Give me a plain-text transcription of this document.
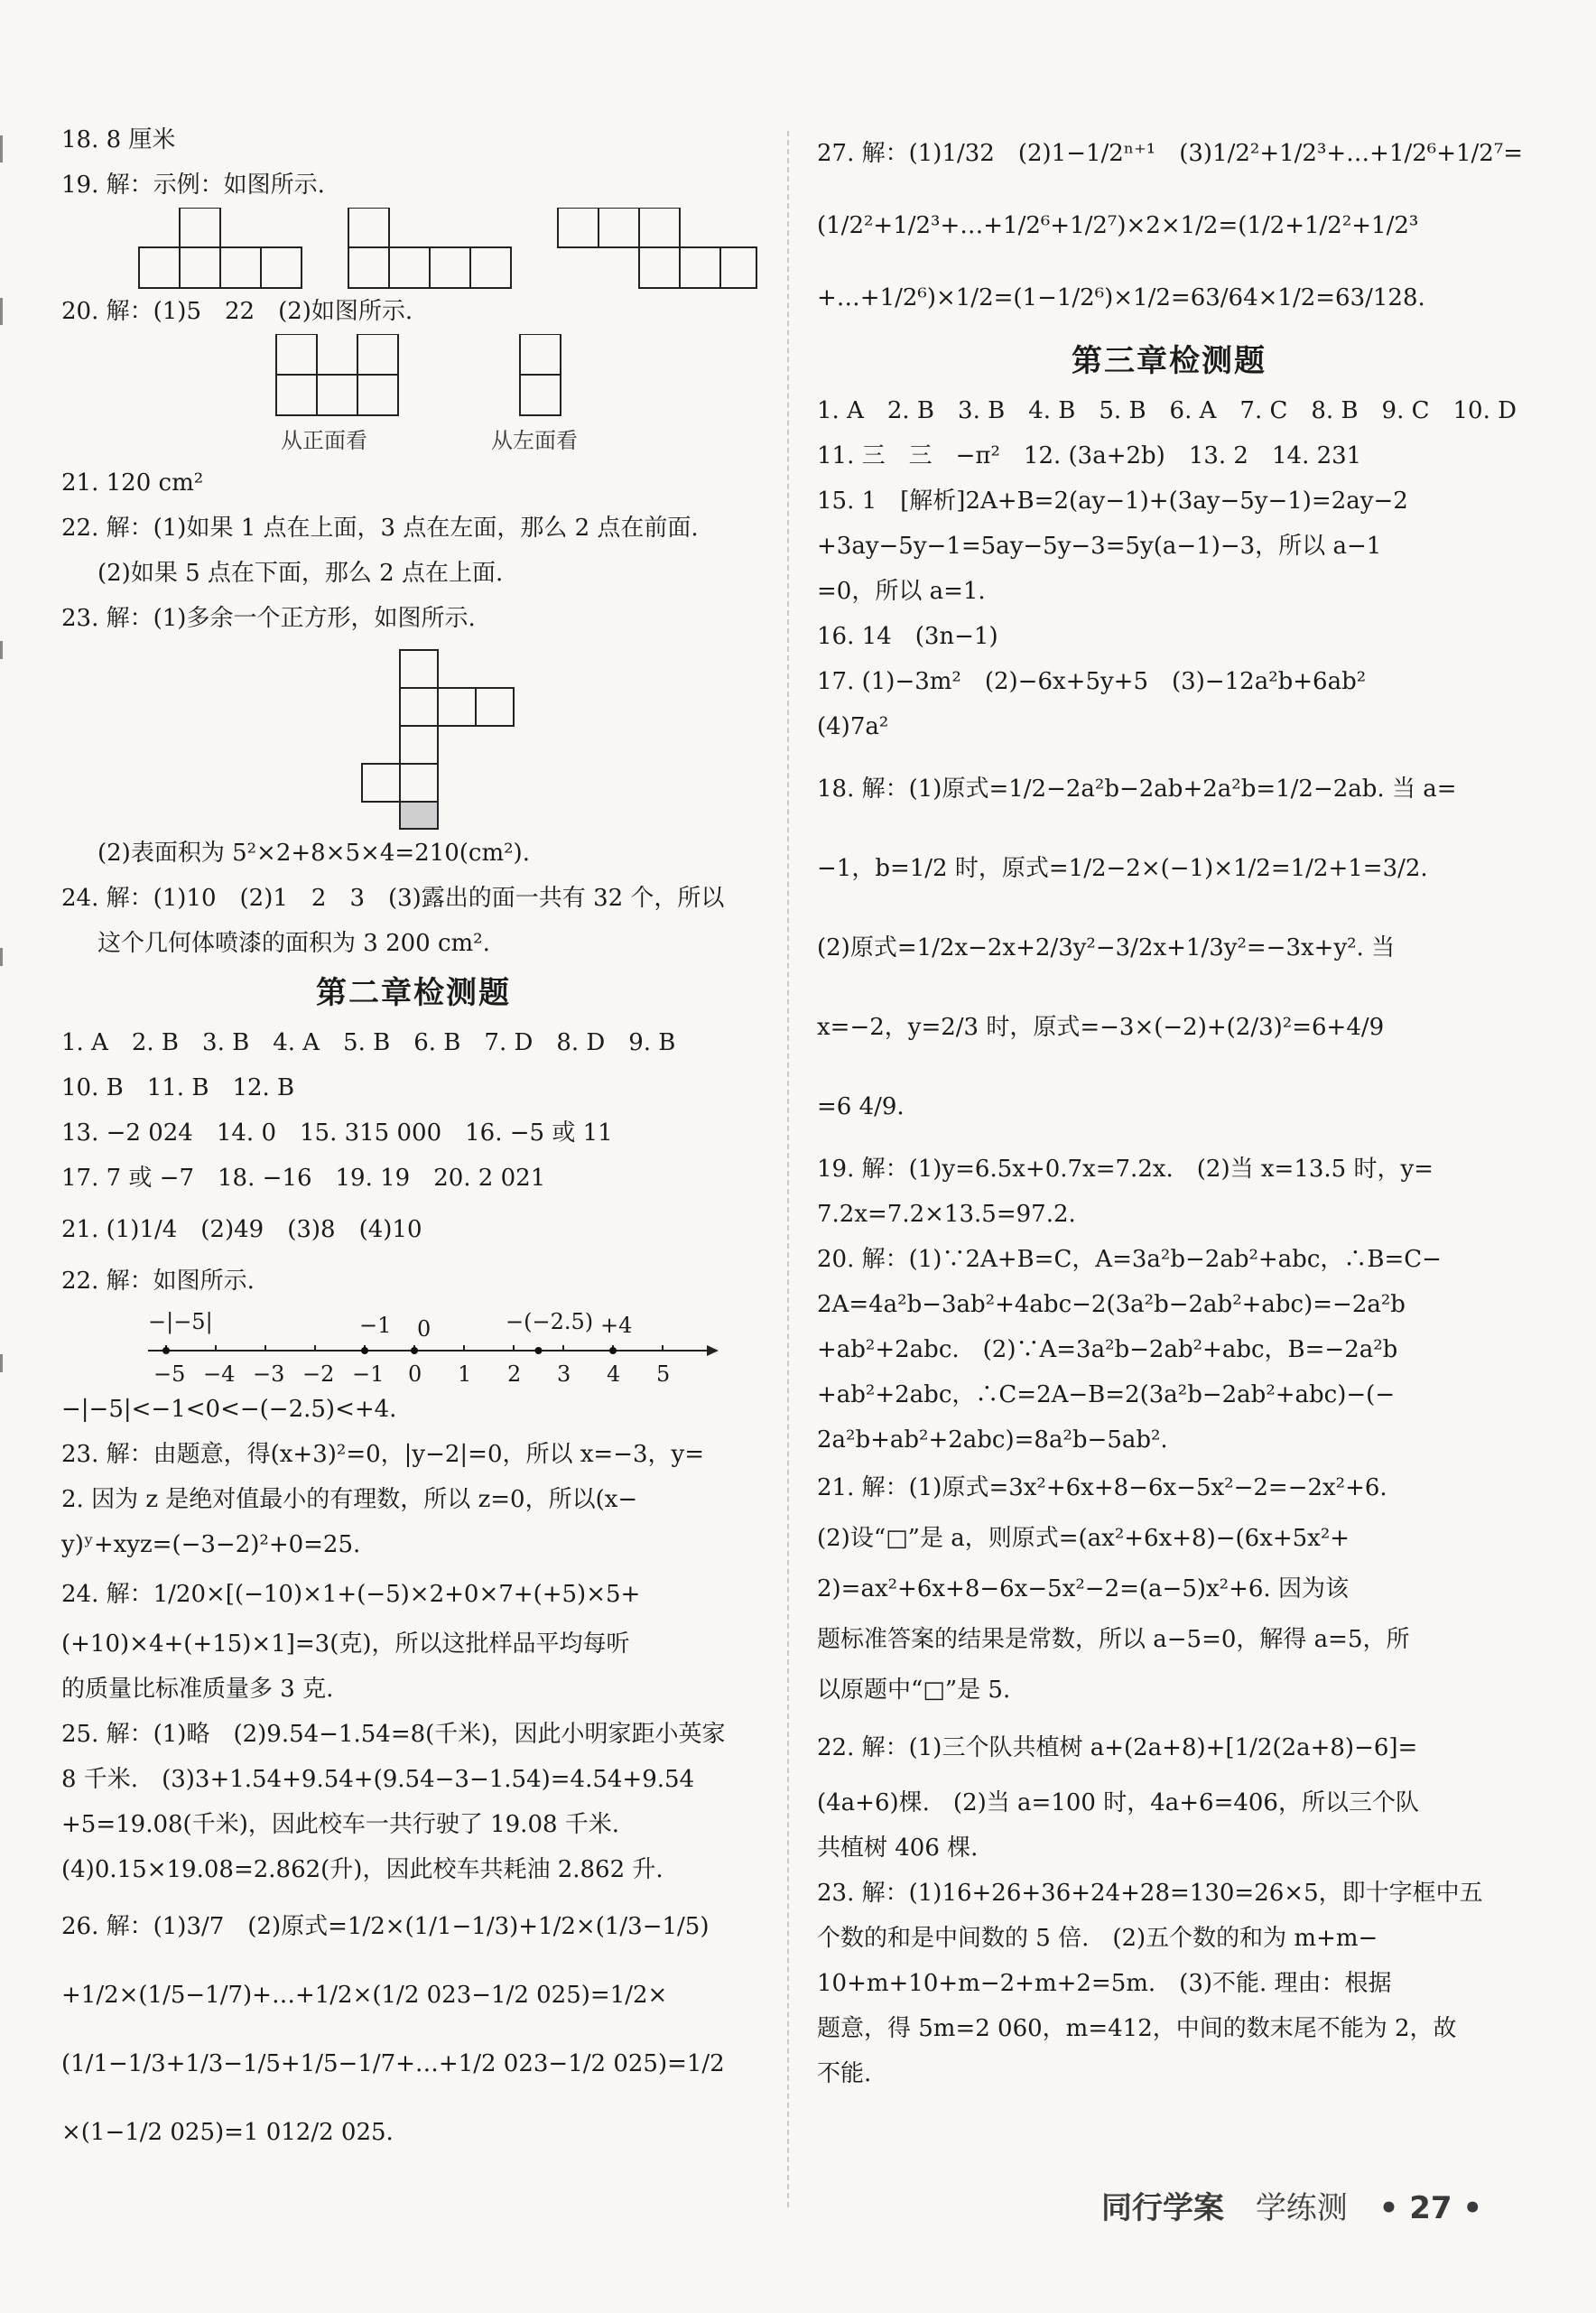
18. 8 厘米
19. 解：示例：如图所示.
20. 解：(1)5　22　(2)如图所示.
从正面看	从左面看
21. 120 cm²
22. 解：(1)如果 1 点在上面，3 点在左面，那么 2 点在前面.
(2)如果 5 点在下面，那么 2 点在上面.
23. 解：(1)多余一个正方形，如图所示.
(2)表面积为 5²×2+8×5×4=210(cm²).
24. 解：(1)10　(2)1　2　3　(3)露出的面一共有 32 个，所以
这个几何体喷漆的面积为 3 200 cm².
第二章检测题
1. A　2. B　3. B　4. A　5. B　6. B　7. D　8. D　9. B
10. B　11. B　12. B
13. −2 024　14. 0　15. 315 000　16. −5 或 11
17. 7 或 −7　18. −16　19. 19　20. 2 021
21. (1)1/4　(2)49　(3)8　(4)10
22. 解：如图所示.
−|−5|	−1 0	−(−2.5) +4
−5 −4 −3 −2 −1 0 1 2 3 4 5
−|−5|<−1<0<−(−2.5)<+4.
23. 解：由题意，得(x+3)²=0，|y−2|=0，所以 x=−3，y=
2. 因为 z 是绝对值最小的有理数，所以 z=0，所以(x−
y)ʸ+xyz=(−3−2)²+0=25.
24. 解：1/20×[(−10)×1+(−5)×2+0×7+(+5)×5+
(+10)×4+(+15)×1]=3(克)，所以这批样品平均每听
的质量比标准质量多 3 克.
25. 解：(1)略　(2)9.54−1.54=8(千米)，因此小明家距小英家
8 千米.　(3)3+1.54+9.54+(9.54−3−1.54)=4.54+9.54
+5=19.08(千米)，因此校车一共行驶了 19.08 千米.
(4)0.15×19.08=2.862(升)，因此校车共耗油 2.862 升.
26. 解：(1)3/7　(2)原式=1/2×(1/1−1/3)+1/2×(1/3−1/5)
+1/2×(1/5−1/7)+…+1/2×(1/2 023−1/2 025)=1/2×
(1/1−1/3+1/3−1/5+1/5−1/7+…+1/2 023−1/2 025)=1/2
×(1−1/2 025)=1 012/2 025.
27. 解：(1)1/32　(2)1−1/2ⁿ⁺¹　(3)1/2²+1/2³+…+1/2⁶+1/2⁷=
(1/2²+1/2³+…+1/2⁶+1/2⁷)×2×1/2=(1/2+1/2²+1/2³
+…+1/2⁶)×1/2=(1−1/2⁶)×1/2=63/64×1/2=63/128.
第三章检测题
1. A　2. B　3. B　4. B　5. B　6. A　7. C　8. B　9. C　10. D
11. 三　三　−π²　12. (3a+2b)　13. 2　14. 231
15. 1　[解析]2A+B=2(ay−1)+(3ay−5y−1)=2ay−2
+3ay−5y−1=5ay−5y−3=5y(a−1)−3，所以 a−1
=0，所以 a=1.
16. 14　(3n−1)
17. (1)−3m²　(2)−6x+5y+5　(3)−12a²b+6ab²
(4)7a²
18. 解：(1)原式=1/2−2a²b−2ab+2a²b=1/2−2ab. 当 a=
−1，b=1/2 时，原式=1/2−2×(−1)×1/2=1/2+1=3/2.
(2)原式=1/2x−2x+2/3y²−3/2x+1/3y²=−3x+y². 当
x=−2，y=2/3 时，原式=−3×(−2)+(2/3)²=6+4/9
=6 4/9.
19. 解：(1)y=6.5x+0.7x=7.2x.　(2)当 x=13.5 时，y=
7.2x=7.2×13.5=97.2.
20. 解：(1)∵2A+B=C，A=3a²b−2ab²+abc，∴B=C−
2A=4a²b−3ab²+4abc−2(3a²b−2ab²+abc)=−2a²b
+ab²+2abc.　(2)∵A=3a²b−2ab²+abc，B=−2a²b
+ab²+2abc，∴C=2A−B=2(3a²b−2ab²+abc)−(−
2a²b+ab²+2abc)=8a²b−5ab².
21. 解：(1)原式=3x²+6x+8−6x−5x²−2=−2x²+6.
(2)设“□”是 a，则原式=(ax²+6x+8)−(6x+5x²+
2)=ax²+6x+8−6x−5x²−2=(a−5)x²+6. 因为该
题标准答案的结果是常数，所以 a−5=0，解得 a=5，所
以原题中“□”是 5.
22. 解：(1)三个队共植树 a+(2a+8)+[1/2(2a+8)−6]=
(4a+6)棵.　(2)当 a=100 时，4a+6=406，所以三个队
共植树 406 棵.
23. 解：(1)16+26+36+24+28=130=26×5，即十字框中五
个数的和是中间数的 5 倍.　(2)五个数的和为 m+m−
10+m+10+m−2+m+2=5m.　(3)不能. 理由：根据
题意，得 5m=2 060，m=412，中间的数末尾不能为 2，故
不能.
同行学案 学练测 • 27 •
